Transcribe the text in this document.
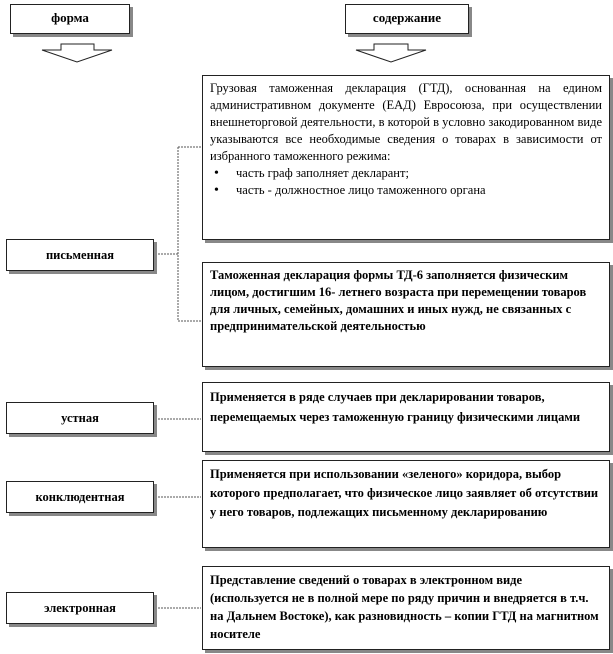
форма	содержание
письменная
устная
конклюдентная
электронная

Грузовая таможенная декларация (ГТД), основанная на едином административном документе (ЕАД) Евросоюза, при осуществлении внешнеторговой деятельности, в которой в условно закодированном виде указываются все необходимые сведения о товарах в зависимости от избранного таможенного режима:

• часть граф заполняет декларант;
• часть - должностное лицо таможенного органа

Таможенная декларация формы ТД-6 заполняется физическим лицом, достигшим 16- летнего возраста при перемещении товаров для личных, семейных, домашних и иных нужд, не связанных с предпринимательской деятельностью

Применяется в ряде случаев при декларировании товаров, перемещаемых через таможенную границу физическими лицами

Применяется при использовании «зеленого» коридора, выбор которого предполагает, что физическое лицо заявляет об отсутствии у него товаров, подлежащих письменному декларированию

Представление сведений о товарах в электронном виде (используется не в полной мере по ряду причин и внедряется в т.ч. на Дальнем Востоке), как разновидность – копии ГТД на магнитном носителе
